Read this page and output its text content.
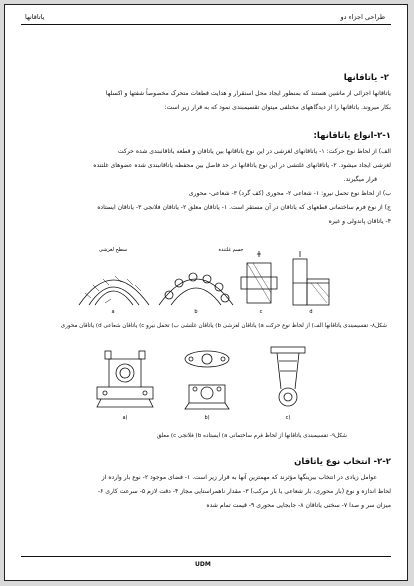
طراحی اجزاء دو
یاتاقانها
۲- یاتاقانها
یاتاقانها اجزائی از ماشین هستند که بمنظور ایجاد محل استقرار و هدایت قطعات متحرک مخصوصاً شفتها و اکسلها
بکار میروند. یاتاقانها را از دیدگاههای مختلفی میتوان تقسیمبندی نمود که به قرار زیر است:
۲-۱-انواع یاتاقانها:
الف) از لحاظ نوع حرکت: ۱- یاتاقانهای لغزشی در این نوع یاتاقانها بین یاتاقان و قطعه یاتاقانبندی شده حرکت
لغزشی ایجاد میشود. ۲- یاتاقانهای غلتشی در این نوع یاتاقانها در حد فاصل بین محفظه یاتاقانبندی شده عضوهای غلتنده
قرار میگیرند.
ب) از لحاظ نوع تحمل نیرو: ۱- شعاعی ۲- محوری (کف گرد) ۳- شعاعی- محوری
ج) از نوع فرم ساختمانی قطعهای که یاتاقان در آن مستقر است. ۱- یاتاقان معلق ۲- یاتاقان فلانجی ۳- یاتاقان ایستاده
۴- یاتاقان پاندولی و غیره
سطح لغزشی	جسم غلتنده
a	b	c	d
شکل۸- تقسیمبندی یاتاقانها الف) از لحاظ نوع حرکت a) یاتاقان لغزشی b) یاتاقان غلتشی ب) تحمل نیرو c) یاتاقان شعاعی d) یاتاقان محوری
a)	b)	c)
شکل۹- تقسیمبندی یاتاقانها از لحاظ فرم ساختمانی a) ایستاده b) فلانجی c) معلق
۲-۲- انتخاب نوع یاتاقان
عوامل زیادی در انتخاب بیرینگها مؤثرند که مهمترین آنها به قرار زیر است. ۱- فضای موجود ۲- نوع بار وارده از
لحاظ اندازه و نوع (بار محوری، بار شعاعی یا بار مرکب) ۳- مقدار ناهمراستایی مجاز ۴- دقت لازم ۵- سرعت کاری ۶-
میزان سر و صدا ۷- سختی یاتاقان ۸- جابجایی محوری ۹- قیمت تمام شده
UDM
